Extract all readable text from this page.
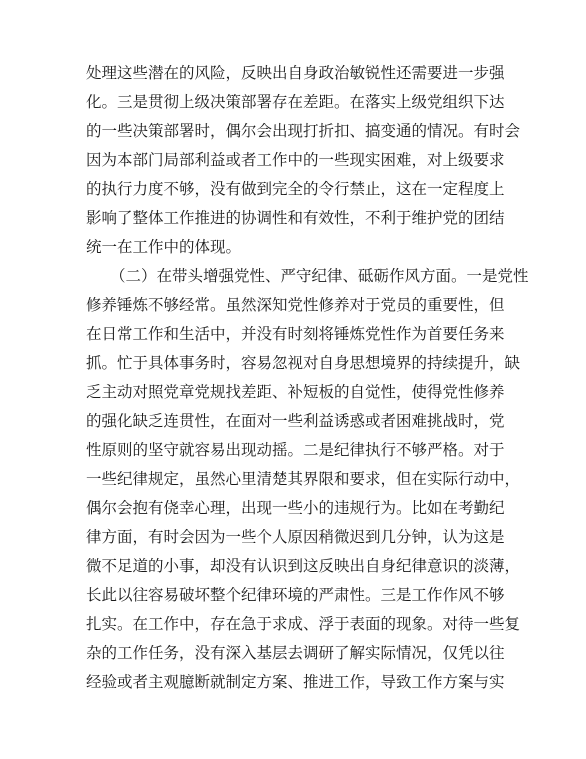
处理这些潜在的风险，反映出自身政治敏锐性还需要进一步强
化。三是贯彻上级决策部署存在差距。在落实上级党组织下达
的一些决策部署时，偶尔会出现打折扣、搞变通的情况。有时会
因为本部门局部利益或者工作中的一些现实困难，对上级要求
的执行力度不够，没有做到完全的令行禁止，这在一定程度上
影响了整体工作推进的协调性和有效性，不利于维护党的团结
统一在工作中的体现。
（二）在带头增强党性、严守纪律、砥砺作风方面。一是党性
修养锤炼不够经常。虽然深知党性修养对于党员的重要性，但
在日常工作和生活中，并没有时刻将锤炼党性作为首要任务来
抓。忙于具体事务时，容易忽视对自身思想境界的持续提升，缺
乏主动对照党章党规找差距、补短板的自觉性，使得党性修养
的强化缺乏连贯性，在面对一些利益诱惑或者困难挑战时，党
性原则的坚守就容易出现动摇。二是纪律执行不够严格。对于
一些纪律规定，虽然心里清楚其界限和要求，但在实际行动中，
偶尔会抱有侥幸心理，出现一些小的违规行为。比如在考勤纪
律方面，有时会因为一些个人原因稍微迟到几分钟，认为这是
微不足道的小事，却没有认识到这反映出自身纪律意识的淡薄，
长此以往容易破坏整个纪律环境的严肃性。三是工作作风不够
扎实。在工作中，存在急于求成、浮于表面的现象。对待一些复
杂的工作任务，没有深入基层去调研了解实际情况，仅凭以往
经验或者主观臆断就制定方案、推进工作，导致工作方案与实
